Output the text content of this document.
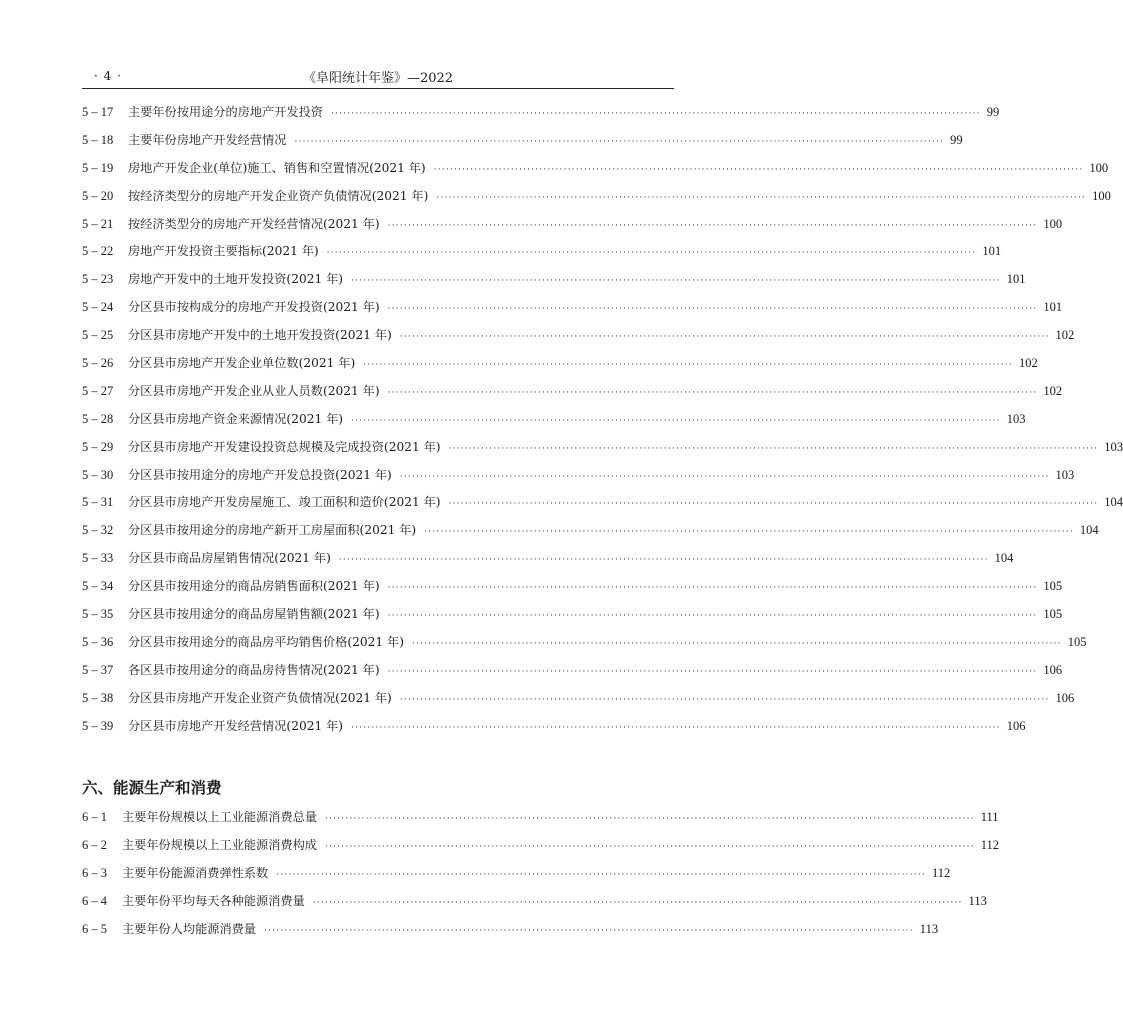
· 4 ·	《阜阳统计年鉴》—2022
5 – 17	主要年份按用途分的房地产开发投资 ································································································································································ 99
5 – 18	主要年份房地产开发经营情况 ································································································································································ 99
5 – 19	房地产开发企业(单位)施工、销售和空置情况(2021 年) ································································································································································ 100
5 – 20	按经济类型分的房地产开发企业资产负债情况(2021 年) ································································································································································ 100
5 – 21	按经济类型分的房地产开发经营情况(2021 年) ································································································································································ 100
5 – 22	房地产开发投资主要指标(2021 年) ································································································································································ 101
5 – 23	房地产开发中的土地开发投资(2021 年) ································································································································································ 101
5 – 24	分区县市按构成分的房地产开发投资(2021 年) ································································································································································ 101
5 – 25	分区县市房地产开发中的土地开发投资(2021 年) ································································································································································ 102
5 – 26	分区县市房地产开发企业单位数(2021 年) ································································································································································ 102
5 – 27	分区县市房地产开发企业从业人员数(2021 年) ································································································································································ 102
5 – 28	分区县市房地产资金来源情况(2021 年) ································································································································································ 103
5 – 29	分区县市房地产开发建设投资总规模及完成投资(2021 年) ································································································································································ 103
5 – 30	分区县市按用途分的房地产开发总投资(2021 年) ································································································································································ 103
5 – 31	分区县市房地产开发房屋施工、竣工面积和造价(2021 年) ································································································································································ 104
5 – 32	分区县市按用途分的房地产新开工房屋面积(2021 年) ································································································································································ 104
5 – 33	分区县市商品房屋销售情况(2021 年) ································································································································································ 104
5 – 34	分区县市按用途分的商品房销售面积(2021 年) ································································································································································ 105
5 – 35	分区县市按用途分的商品房屋销售额(2021 年) ································································································································································ 105
5 – 36	分区县市按用途分的商品房平均销售价格(2021 年) ································································································································································ 105
5 – 37	各区县市按用途分的商品房待售情况(2021 年) ································································································································································ 106
5 – 38	分区县市房地产开发企业资产负债情况(2021 年) ································································································································································ 106
5 – 39	分区县市房地产开发经营情况(2021 年) ································································································································································ 106
六、能源生产和消费
6 – 1	主要年份规模以上工业能源消费总量 ································································································································································ 111
6 – 2	主要年份规模以上工业能源消费构成 ································································································································································ 112
6 – 3	主要年份能源消费弹性系数 ································································································································································ 112
6 – 4	主要年份平均每天各种能源消费量 ································································································································································ 113
6 – 5	主要年份人均能源消费量 ································································································································································ 113
